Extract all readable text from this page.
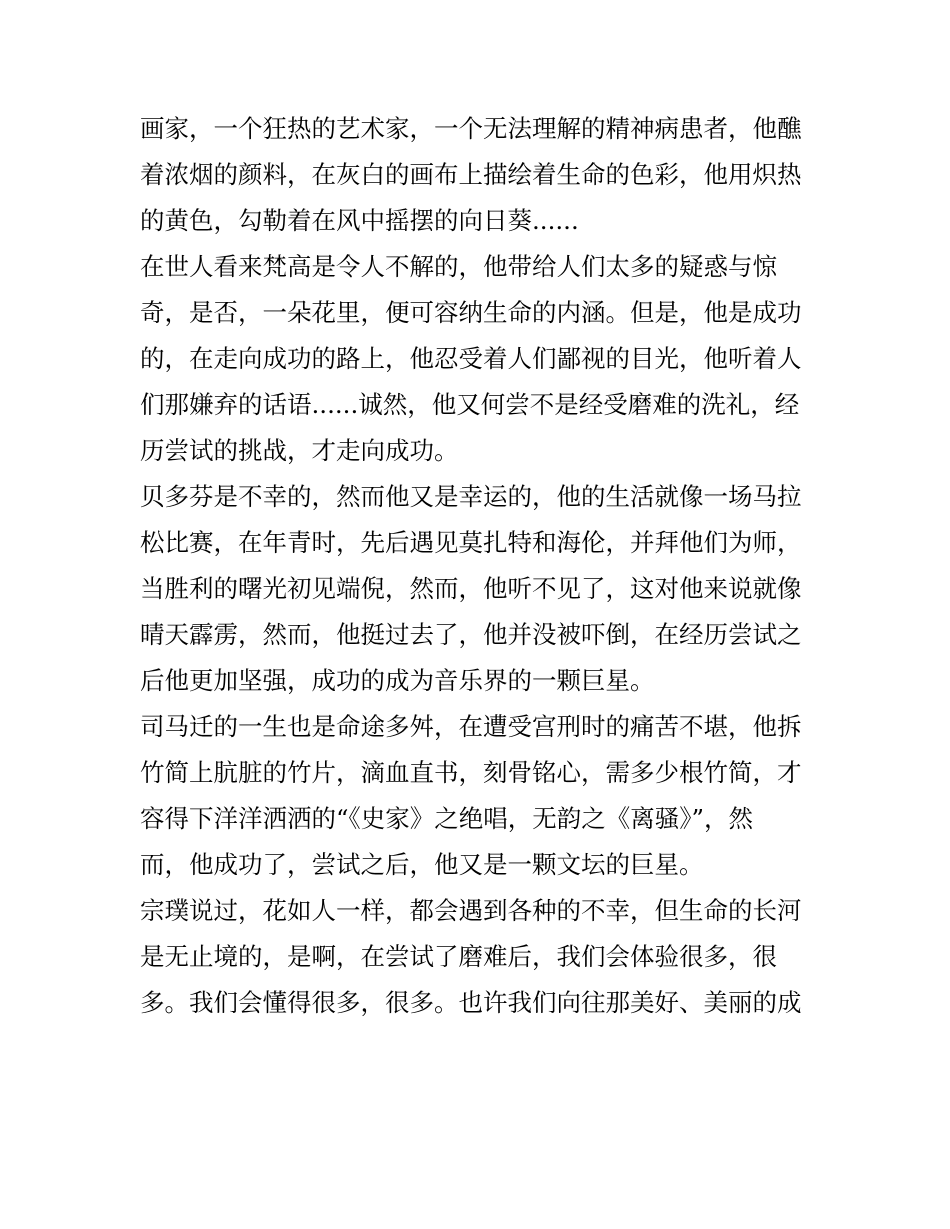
画家，一个狂热的艺术家，一个无法理解的精神病患者，他醮
着浓烟的颜料，在灰白的画布上描绘着生命的色彩，他用炽热
的黄色，勾勒着在风中摇摆的向日葵......
在世人看来梵高是令人不解的，他带给人们太多的疑惑与惊
奇，是否，一朵花里，便可容纳生命的内涵。但是，他是成功
的，在走向成功的路上，他忍受着人们鄙视的目光，他听着人
们那嫌弃的话语......诚然，他又何尝不是经受磨难的洗礼，经
历尝试的挑战，才走向成功。
贝多芬是不幸的，然而他又是幸运的，他的生活就像一场马拉
松比赛，在年青时，先后遇见莫扎特和海伦，并拜他们为师，
当胜利的曙光初见端倪，然而，他听不见了，这对他来说就像
晴天霹雳，然而，他挺过去了，他并没被吓倒，在经历尝试之
后他更加坚强，成功的成为音乐界的一颗巨星。
司马迁的一生也是命途多舛，在遭受宫刑时的痛苦不堪，他拆
竹简上肮脏的竹片，滴血直书，刻骨铭心，需多少根竹简，才
容得下洋洋洒洒的“《史家》之绝唱，无韵之《离骚》”，然
而，他成功了，尝试之后，他又是一颗文坛的巨星。
宗璞说过，花如人一样，都会遇到各种的不幸，但生命的长河
是无止境的，是啊，在尝试了磨难后，我们会体验很多，很
多。我们会懂得很多，很多。也许我们向往那美好、美丽的成
